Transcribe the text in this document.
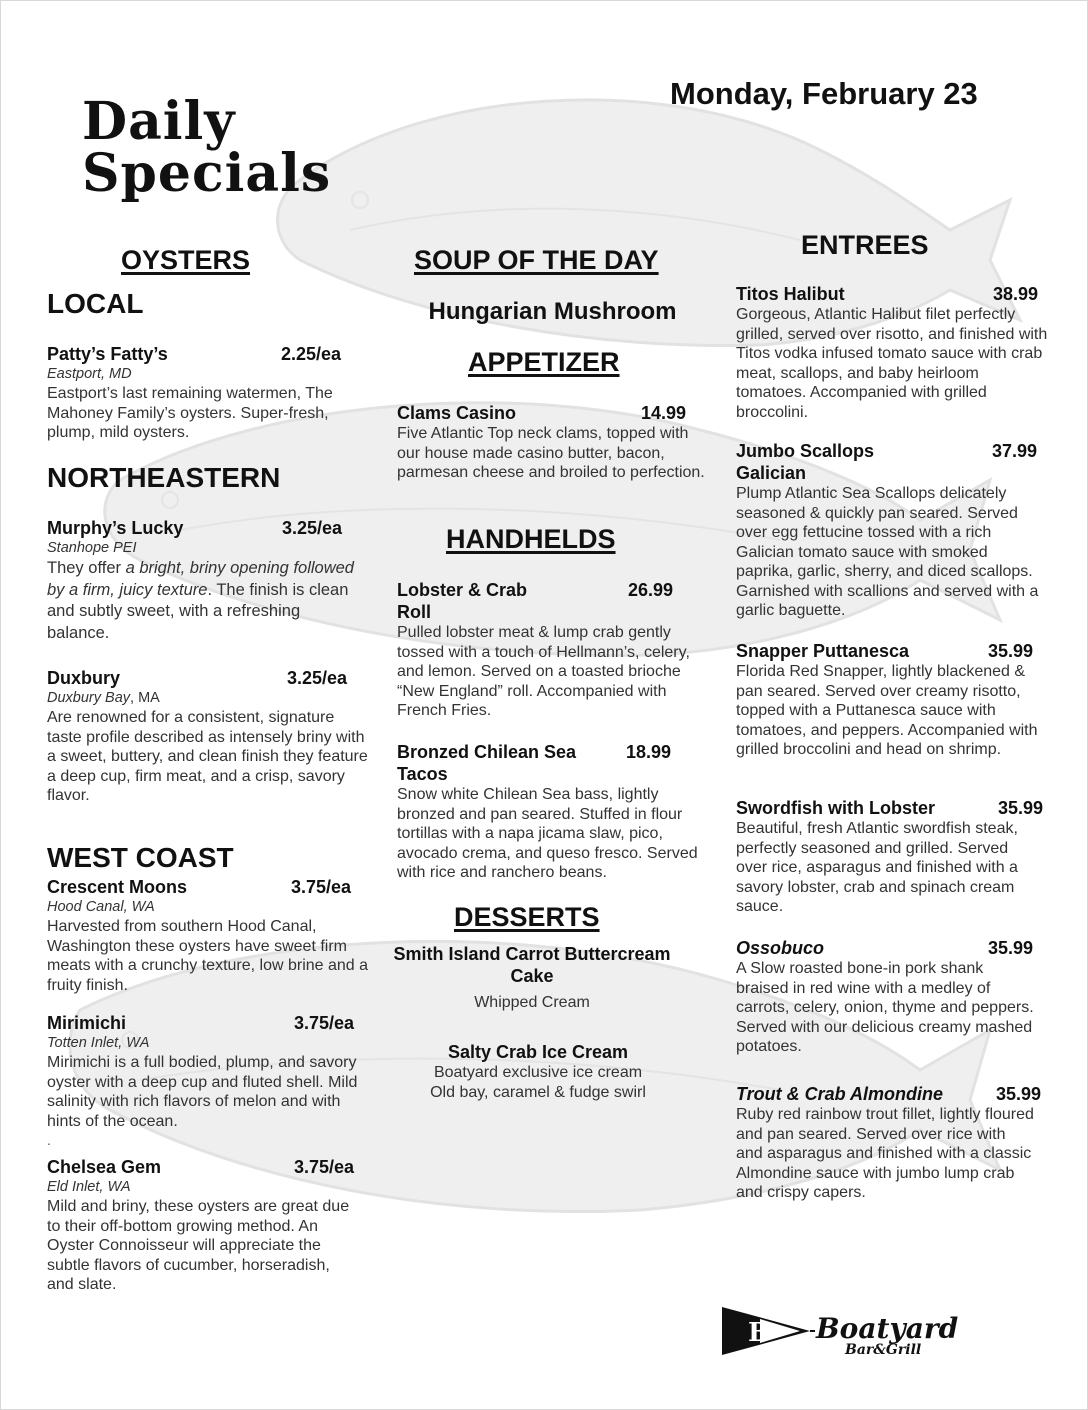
Daily
Specials
Monday, February 23
OYSTERS
LOCAL
Patty’s Fatty’s	2.25/ea
Eastport, MD
Eastport’s last remaining watermen, The Mahoney Family’s oysters. Super-fresh, plump, mild oysters.
NORTHEASTERN
Murphy’s Lucky	3.25/ea
Stanhope PEI
They offer a bright, briny opening followed by a firm, juicy texture. The finish is clean and subtly sweet, with a refreshing balance.
Duxbury	3.25/ea
Duxbury Bay, MA
Are renowned for a consistent, signature taste profile described as intensely briny with a sweet, buttery, and clean finish they feature a deep cup, firm meat, and a crisp, savory flavor.
WEST COAST
Crescent Moons	3.75/ea
Hood Canal, WA
Harvested from southern Hood Canal, Washington these oysters have sweet firm meats with a crunchy texture, low brine and a fruity finish.
Mirimichi	3.75/ea
Totten Inlet, WA
Mirimichi is a full bodied, plump, and savory oyster with a deep cup and fluted shell. Mild salinity with rich flavors of melon and with hints of the ocean.
.
Chelsea Gem	3.75/ea
Eld Inlet, WA
Mild and briny, these oysters are great due to their off-bottom growing method. An Oyster Connoisseur will appreciate the subtle flavors of cucumber, horseradish, and slate.
SOUP OF THE DAY
Hungarian Mushroom
APPETIZER
Clams Casino	14.99
Five Atlantic Top neck clams, topped with our house made casino butter, bacon, parmesan cheese and broiled to perfection.
HANDHELDS
Lobster & Crab Roll
26.99
Pulled lobster meat & lump crab gently tossed with a touch of Hellmann’s, celery, and lemon. Served on a toasted brioche “New England” roll. Accompanied with French Fries.
Bronzed Chilean Sea Tacos
18.99
Snow white Chilean Sea bass, lightly bronzed and pan seared. Stuffed in flour tortillas with a napa jicama slaw, pico, avocado crema, and queso fresco. Served with rice and ranchero beans.
DESSERTS
Smith Island Carrot Buttercream Cake
Whipped Cream
Salty Crab Ice Cream
Boatyard exclusive ice cream
Old bay, caramel & fudge swirl
ENTREES
Titos Halibut	38.99
Gorgeous, Atlantic Halibut filet perfectly grilled, served over risotto, and finished with Titos vodka infused tomato sauce with crab meat, scallops, and baby heirloom tomatoes. Accompanied with grilled broccolini.
Jumbo Scallops Galician
37.99
Plump Atlantic Sea Scallops delicately seasoned & quickly pan seared. Served over egg fettucine tossed with a rich Galician tomato sauce with smoked paprika, garlic, sherry, and diced scallops. Garnished with scallions and served with a garlic baguette.
Snapper Puttanesca	35.99
Florida Red Snapper, lightly blackened & pan seared. Served over creamy risotto, topped with a Puttanesca sauce with tomatoes, and peppers. Accompanied with grilled broccolini and head on shrimp.
Swordfish with Lobster	35.99
Beautiful, fresh Atlantic swordfish steak, perfectly seasoned and grilled. Served over rice, asparagus and finished with a savory lobster, crab and spinach cream sauce.
Ossobuco	35.99
A Slow roasted bone-in pork shank braised in red wine with a medley of carrots, celery, onion, thyme and peppers. Served with our delicious creamy mashed potatoes.
Trout & Crab Almondine	35.99
Ruby red rainbow trout fillet, lightly floured and pan seared. Served over rice with and asparagus and finished with a classic Almondine sauce with jumbo lump crab and crispy capers.
B Boatyard
Bar&Grill
